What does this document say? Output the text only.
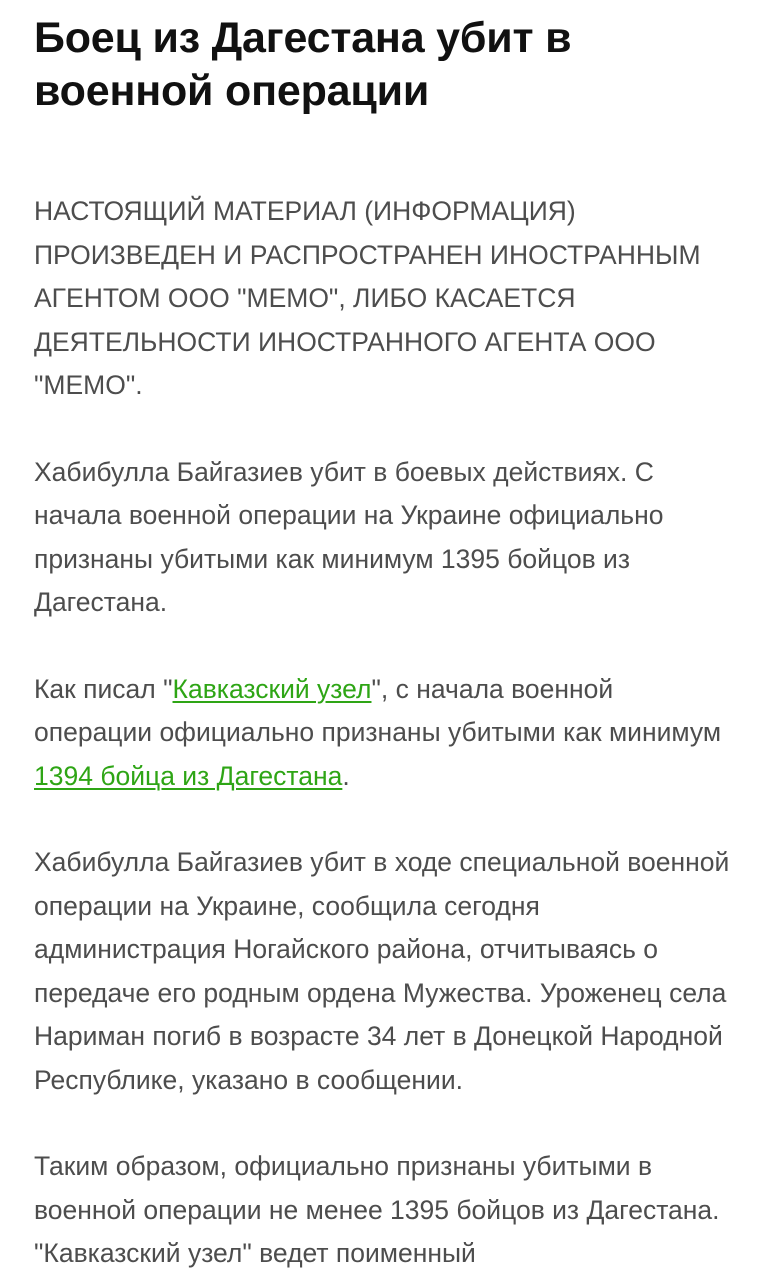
Боец из Дагестана убит в военной операции

НАСТОЯЩИЙ МАТЕРИАЛ (ИНФОРМАЦИЯ) ПРОИЗВЕДЕН И РАСПРОСТРАНЕН ИНОСТРАННЫМ АГЕНТОМ ООО "МЕМО", ЛИБО КАСАЕТСЯ ДЕЯТЕЛЬНОСТИ ИНОСТРАННОГО АГЕНТА ООО "МЕМО".

Хабибулла Байгазиев убит в боевых действиях. С начала военной операции на Украине официально признаны убитыми как минимум 1395 бойцов из Дагестана.

Как писал "Кавказский узел", с начала военной операции официально признаны убитыми как минимум 1394 бойца из Дагестана.

Хабибулла Байгазиев убит в ходе специальной военной операции на Украине, сообщила сегодня администрация Ногайского района, отчитываясь о передаче его родным ордена Мужества. Уроженец села Нариман погиб в возрасте 34 лет в Донецкой Народной Республике, указано в сообщении.

Таким образом, официально признаны убитыми в военной операции не менее 1395 бойцов из Дагестана. "Кавказский узел" ведет поименный
